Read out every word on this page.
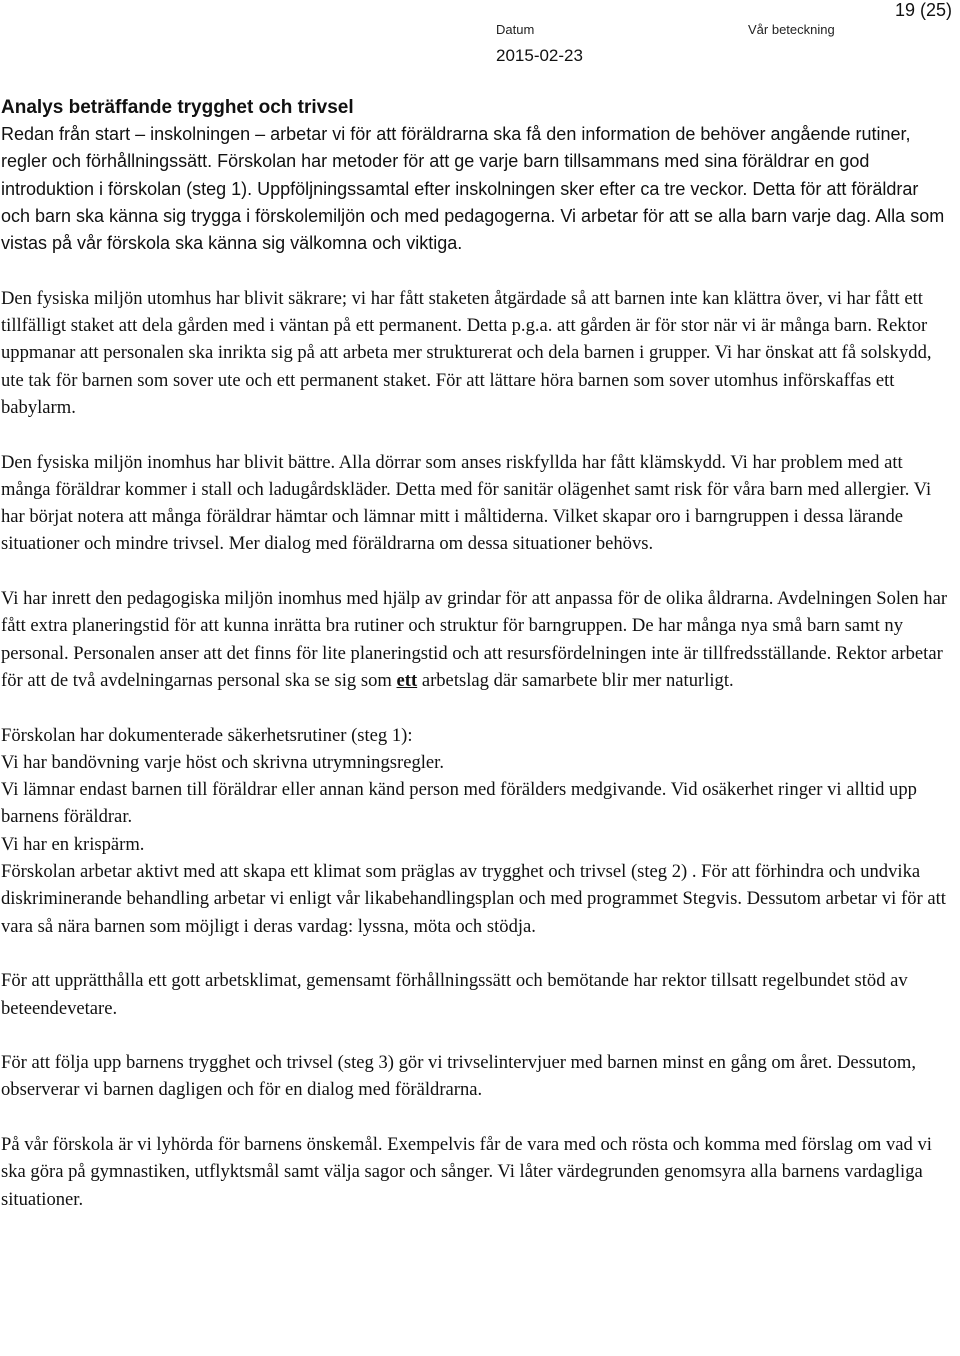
Datum	Vår beteckning
2015-02-23
19 (25)
Analys beträffande trygghet och trivsel

Redan från start – inskolningen – arbetar vi för att föräldrarna ska få den information de behöver angående rutiner, regler och förhållningssätt. Förskolan har metoder för att ge varje barn tillsammans med sina föräldrar en god introduktion i förskolan (steg 1). Uppföljningssamtal efter inskolningen sker efter ca tre veckor. Detta för att föräldrar och barn ska känna sig trygga i förskolemiljön och med pedagogerna. Vi arbetar för att se alla barn varje dag. Alla som vistas på vår förskola ska känna sig välkomna och viktiga.

Den fysiska miljön utomhus har blivit säkrare; vi har fått staketen åtgärdade så att barnen inte kan klättra över, vi har fått ett tillfälligt staket att dela gården med i väntan på ett permanent. Detta p.g.a. att gården är för stor när vi är många barn. Rektor uppmanar att personalen ska inrikta sig på att arbeta mer strukturerat och dela barnen i grupper. Vi har önskat att få solskydd, ute tak för barnen som sover ute och ett permanent staket. För att lättare höra barnen som sover utomhus införskaffas ett babylarm.

Den fysiska miljön inomhus har blivit bättre. Alla dörrar som anses riskfyllda har fått klämskydd. Vi har problem med att många föräldrar kommer i stall och ladugårdskläder. Detta med för sanitär olägenhet samt risk för våra barn med allergier. Vi har börjat notera att många föräldrar hämtar och lämnar mitt i måltiderna. Vilket skapar oro i barngruppen i dessa lärande situationer och mindre trivsel. Mer dialog med föräldrarna om dessa situationer behövs.

Vi har inrett den pedagogiska miljön inomhus med hjälp av grindar för att anpassa för de olika åldrarna. Avdelningen Solen har fått extra planeringstid för att kunna inrätta bra rutiner och struktur för barngruppen. De har många nya små barn samt ny personal. Personalen anser att det finns för lite planeringstid och att resursfördelningen inte är tillfredsställande. Rektor arbetar för att de två avdelningarnas personal ska se sig som ett arbetslag där samarbete blir mer naturligt.

Förskolan har dokumenterade säkerhetsrutiner (steg 1):

Vi har bandövning varje höst och skrivna utrymningsregler.

Vi lämnar endast barnen till föräldrar eller annan känd person med förälders medgivande. Vid osäkerhet ringer vi alltid upp barnens föräldrar.

Vi har en krispärm.

Förskolan arbetar aktivt med att skapa ett klimat som präglas av trygghet och trivsel (steg 2) . För att förhindra och undvika diskriminerande behandling arbetar vi enligt vår likabehandlingsplan och med programmet Stegvis. Dessutom arbetar vi för att vara så nära barnen som möjligt i deras vardag: lyssna, möta och stödja.

För att upprätthålla ett gott arbetsklimat, gemensamt förhållningssätt och bemötande har rektor tillsatt regelbundet stöd av beteendevetare.

För att följa upp barnens trygghet och trivsel (steg 3) gör vi trivselintervjuer med barnen minst en gång om året. Dessutom, observerar vi barnen dagligen och för en dialog med föräldrarna.

På vår förskola är vi lyhörda för barnens önskemål. Exempelvis får de vara med och rösta och komma med förslag om vad vi ska göra på gymnastiken, utflyktsmål samt välja sagor och sånger. Vi låter värdegrunden genomsyra alla barnens vardagliga situationer.
